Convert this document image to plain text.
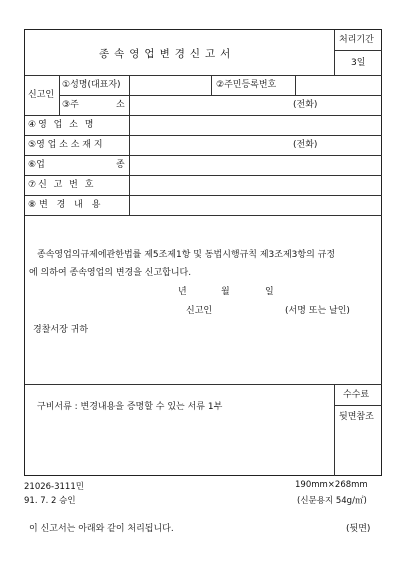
종속영업변경신고서
처리기간
3일
신고인
①성명(대표자)	②주민등록번호
③주	소	(전화)
④영 업 소 명
⑤영 업 소 소 재 지	(전화)
⑥업	종
⑦신 고 번 호
⑧변 경 내 용
종속영업의규제에관한법률 제5조제1항 및 동법시행규칙 제3조제3항의 규정
에 의하여 종속영업의 변경을 신고합니다.
년	월	일
신고인	(서명 또는 날인)
경찰서장 귀하
구비서류 : 변경내용을 증명할 수 있는 서류 1부
수수료
뒷면참조
21026-3111민	190mm×268mm
91. 7. 2 승인	(신문용지 54g/㎡)
이 신고서는 아래와 같이 처리됩니다.	(뒷면)
